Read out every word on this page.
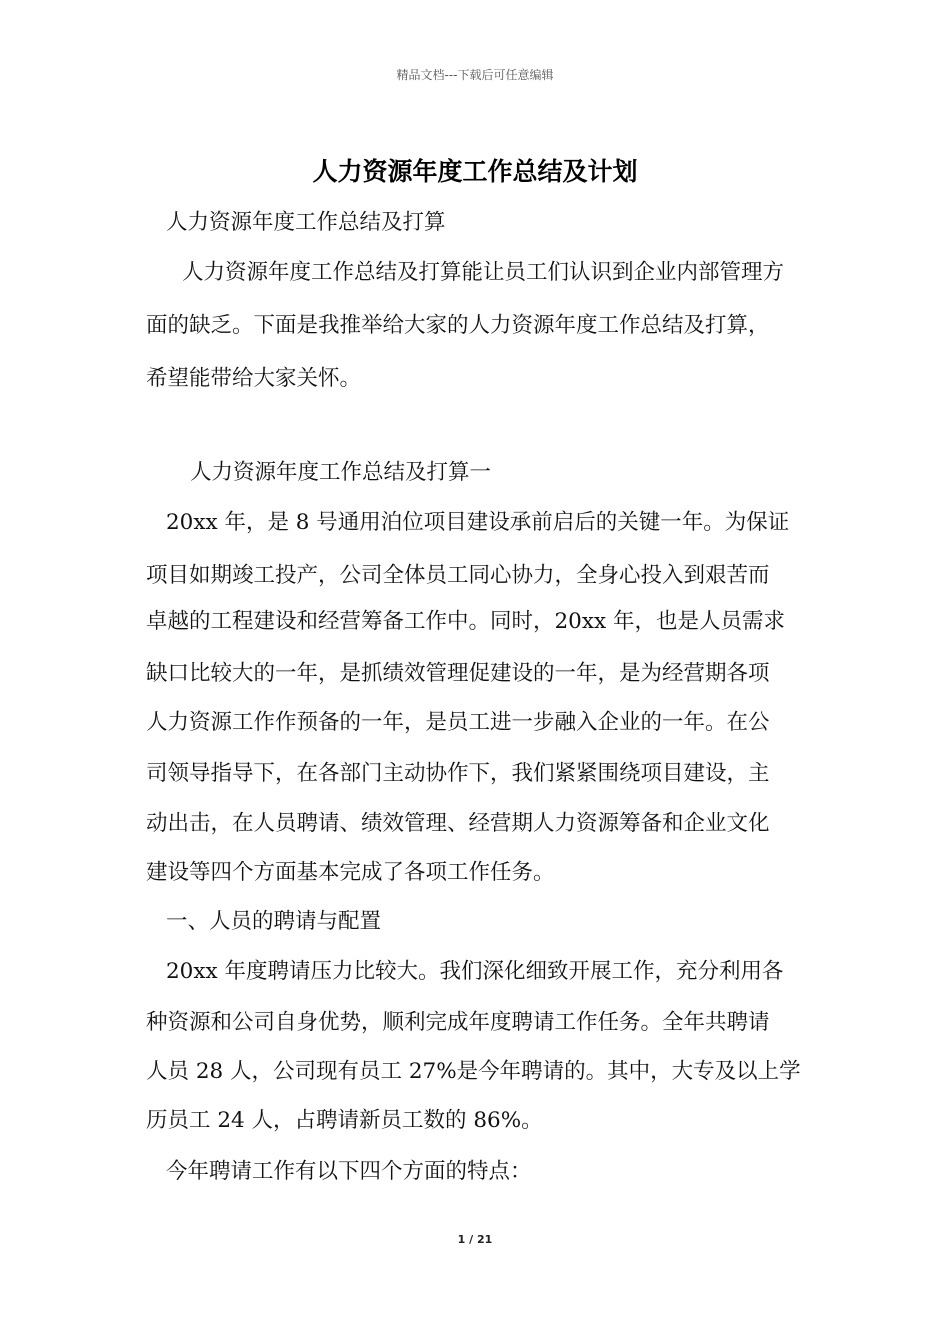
精品文档---下载后可任意编辑
人力资源年度工作总结及计划
人力资源年度工作总结及打算
人力资源年度工作总结及打算能让员工们认识到企业内部管理方
面的缺乏。下面是我推举给大家的人力资源年度工作总结及打算，
希望能带给大家关怀。
人力资源年度工作总结及打算一
20xx 年，是 8 号通用泊位项目建设承前启后的关键一年。为保证
项目如期竣工投产，公司全体员工同心协力，全身心投入到艰苦而
卓越的工程建设和经营筹备工作中。同时，20xx 年，也是人员需求
缺口比较大的一年，是抓绩效管理促建设的一年，是为经营期各项
人力资源工作作预备的一年，是员工进一步融入企业的一年。在公
司领导指导下，在各部门主动协作下，我们紧紧围绕项目建设，主
动出击，在人员聘请、绩效管理、经营期人力资源筹备和企业文化
建设等四个方面基本完成了各项工作任务。
一、人员的聘请与配置
20xx 年度聘请压力比较大。我们深化细致开展工作，充分利用各
种资源和公司自身优势，顺利完成年度聘请工作任务。全年共聘请
人员 28 人，公司现有员工 27%是今年聘请的。其中，大专及以上学
历员工 24 人，占聘请新员工数的 86%。
今年聘请工作有以下四个方面的特点：
1 / 21
